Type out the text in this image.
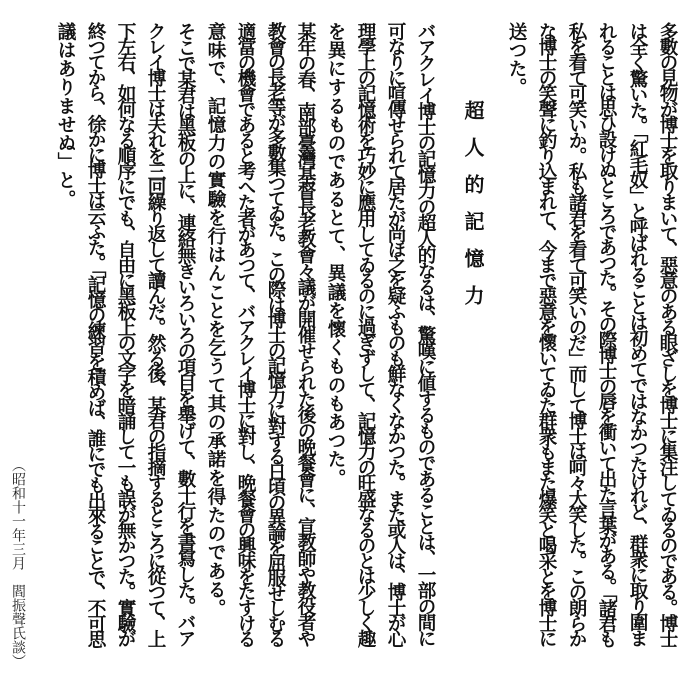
多數の見物が博士を取りまいて、惡意のある眼ざしを博士に集注してゐるのである。博士
は全く驚いた。「紅毛奴」と呼ばれることは初めてではなかつたけれど、群衆に取り圍ま
れることは思ひ設けぬところであつた。その際博士の唇を衝いて出た言葉がある。「諸君も
私を看て可笑いか。私も諸君を看て可笑いのだ」而して博士は呵々大笑した。この朗らか
な博士の笑聲に釣り込まれて、今まで惡意を懷いてゐた群衆もまた爆笑と喝采とを博士に
送つた。
超人的記憶力
バアクレイ博士の記憶力の超人的なるは、驚嘆に値するものであることは、一部の間に
可なりに喧傳せられて居たが尚ほ之を疑ふものも鮮なくなかつた。また或人は、博士が心
理學上の記憶術を巧妙に應用してゐるのに過ぎずして、記憶力の旺盛なるのとは少しく趣
を異にするものであるとて、異議を懷くものもあつた。
某年の春、南部臺灣基督長老教會々議が開催せられた後の晩餐會に、宣教師や教役者や
教會の長老等が多數集つてゐた。この際は博士の記憶力に對する日頃の異論を屈服せしむる
適當の機會であると考へた者があつて、バアクレイ博士に對し、晩餐會の興味をたすける
意味で、記憶力の實驗を行はんことを乞うて其の承諾を得たのである。
そこで某君は黑板の上に、連絡無きいろいろの項目を舉げて、數十行を書寫した。バア
クレイ博士は夫れを三回繰り返して讀んだ。然る後、某君の指摘するところに從つて、上
下左右、如何なる順序にでも、自由に黑板上の文字を暗誦して一も誤が無かつた。實驗が
終つてから、徐かに博士は云ふた。「記憶の練習を積めば、誰にでも出來ることで、不可思
議はありませぬ」と。
（昭和十一年三月　閻振聲氏談）
